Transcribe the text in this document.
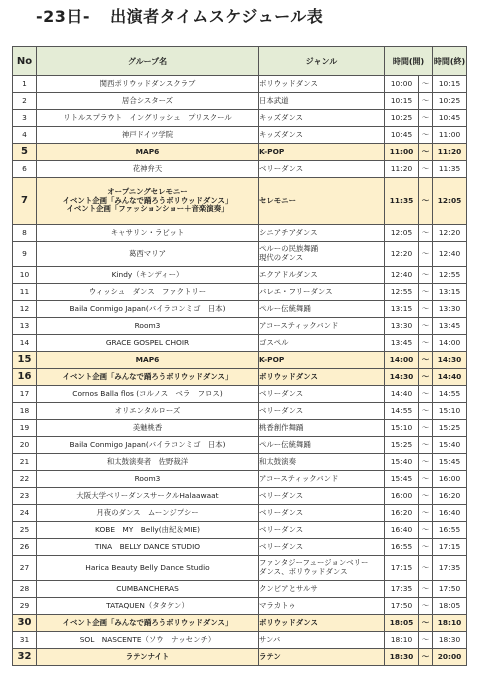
-23日- 出演者タイムスケジュール表
No	グループ名	ジャンル	時間(開)		時間(終)
1	関西ポリウッドダンスクラブ	ボリウッドダンス	10:00	～	10:15
2	居合シスターズ	日本武道	10:15	～	10:25
3	リトルスプラウト　イングリッシュ　プリスクール	キッズダンス	10:25	～	10:45
4	神戸ドイツ学院	キッズダンス	10:45	～	11:00
5	MAP6	K-POP	11:00	～	11:20
6	花神弁天	ベリーダンス	11:20	～	11:35
7	オープニングセレモニー
イベント企画「みんなで踊ろうボリウッドダンス」
イベント企画「ファッションショー＋音楽演奏」	セレモニー	11:35	～	12:05
8	キャサリン・ラビット	シニアチアダンス	12:05	～	12:20
9	葛西マリア	ペルーの民族舞踊
現代のダンス	12:20	～	12:40
10	Kindy（キンディー）	エクアドルダンス	12:40	～	12:55
11	ウィッシュ　ダンス　ファクトリー	バレエ・フリーダンス	12:55	～	13:15
12	Baila Conmigo Japan(バイラコンミゴ　日本)	ペルー伝統舞踊	13:15	～	13:30
13	Room3	アコースティックバンド	13:30	～	13:45
14	GRACE GOSPEL CHOIR	ゴスペル	13:45	～	14:00
15	MAP6	K-POP	14:00	～	14:30
16	イベント企画「みんなで踊ろうボリウッドダンス」	ボリウッドダンス	14:30	～	14:40
17	Cornos Balla flos (コルノス　ベラ　フロス)	ベリーダンス	14:40	～	14:55
18	オリエンタルローズ	ベリーダンス	14:55	～	15:10
19	美魅桃香	桃香創作舞踊	15:10	～	15:25
20	Baila Conmigo Japan(バイラコンミゴ　日本)	ペルー伝統舞踊	15:25	～	15:40
21	和太鼓演奏者　佐野裁洋	和太鼓演奏	15:40	～	15:45
22	Room3	アコースティックバンド	15:45	～	16:00
23	大阪大学ベリーダンスサークルHalaawaat	ベリーダンス	16:00	～	16:20
24	月夜のダンス　ムーンジプシー	ベリーダンス	16:20	～	16:40
25	KOBE　MY　Belly(由紀＆MIE)	ベリーダンス	16:40	～	16:55
26	TINA　BELLY DANCE STUDIO	ベリーダンス	16:55	～	17:15
27	Harica Beauty Belly Dance Studio	ファンタジーフュージョンベリー
ダンス、ボリウッドダンス	17:15	～	17:35
28	CUMBANCHERAS	クンビアとサルサ	17:35	～	17:50
29	TATAQUEN（タタケン）	マラカトゥ	17:50	～	18:05
30	イベント企画「みんなで踊ろうボリウッドダンス」	ボリウッドダンス	18:05	～	18:10
31	SOL　NASCENTE（ソウ　ナッセンチ）	サンバ	18:10	～	18:30
32	ラテンナイト	ラテン	18:30	～	20:00
